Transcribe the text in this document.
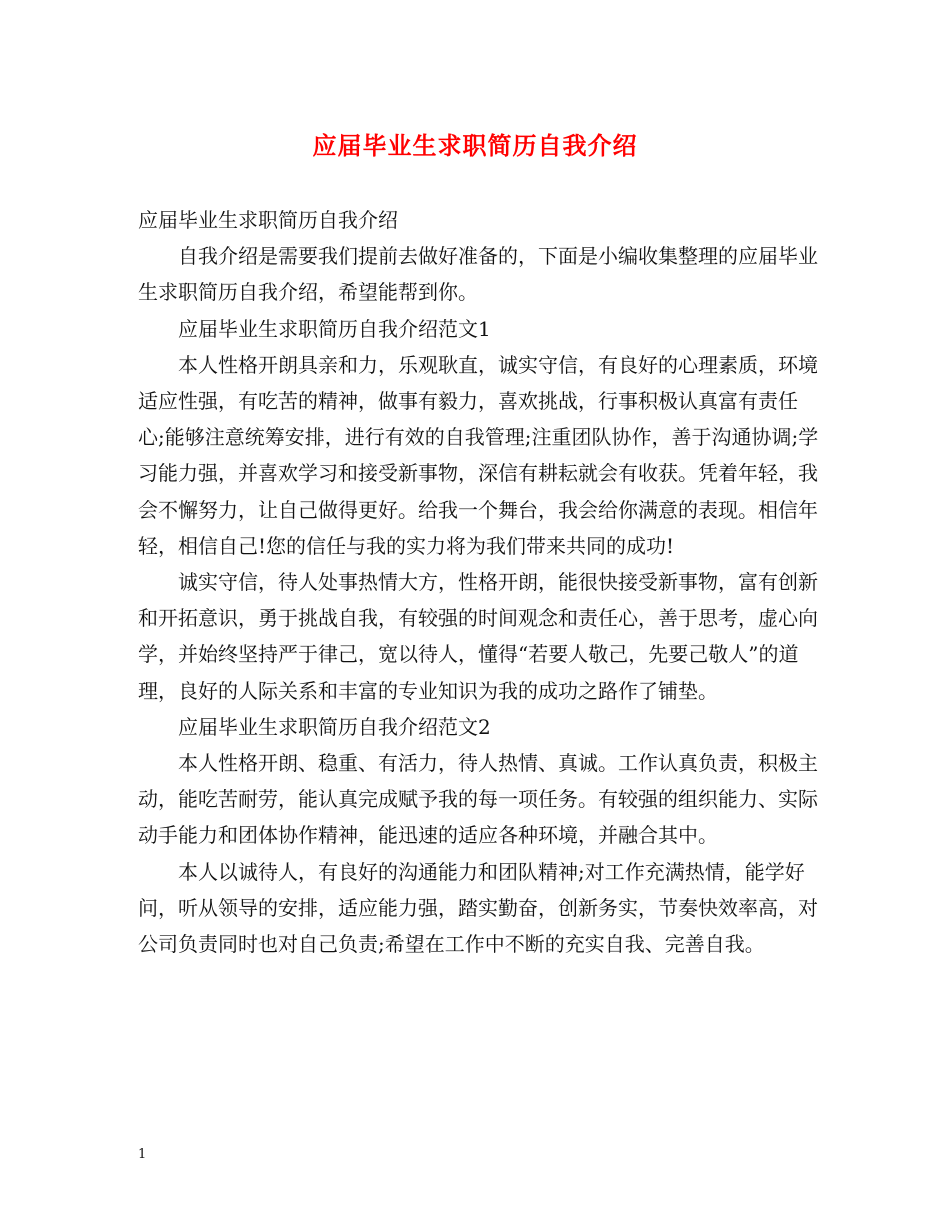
应届毕业生求职简历自我介绍

应届毕业生求职简历自我介绍

自我介绍是需要我们提前去做好准备的，下面是小编收集整理的应届毕业生求职简历自我介绍，希望能帮到你。

应届毕业生求职简历自我介绍范文1

本人性格开朗具亲和力，乐观耿直，诚实守信，有良好的心理素质，环境适应性强，有吃苦的精神，做事有毅力，喜欢挑战，行事积极认真富有责任心;能够注意统筹安排，进行有效的自我管理;注重团队协作，善于沟通协调;学习能力强，并喜欢学习和接受新事物，深信有耕耘就会有收获。凭着年轻，我会不懈努力，让自己做得更好。给我一个舞台，我会给你满意的表现。相信年轻，相信自己!您的信任与我的实力将为我们带来共同的成功!

诚实守信，待人处事热情大方，性格开朗，能很快接受新事物，富有创新和开拓意识，勇于挑战自我，有较强的时间观念和责任心，善于思考，虚心向学，并始终坚持严于律己，宽以待人，懂得“若要人敬己，先要己敬人”的道理，良好的人际关系和丰富的专业知识为我的成功之路作了铺垫。

应届毕业生求职简历自我介绍范文2

本人性格开朗、稳重、有活力，待人热情、真诚。工作认真负责，积极主动，能吃苦耐劳，能认真完成赋予我的每一项任务。有较强的组织能力、实际动手能力和团体协作精神，能迅速的适应各种环境，并融合其中。

本人以诚待人，有良好的沟通能力和团队精神;对工作充满热情，能学好问，听从领导的安排，适应能力强，踏实勤奋，创新务实，节奏快效率高，对公司负责同时也对自己负责;希望在工作中不断的充实自我、完善自我。

1
